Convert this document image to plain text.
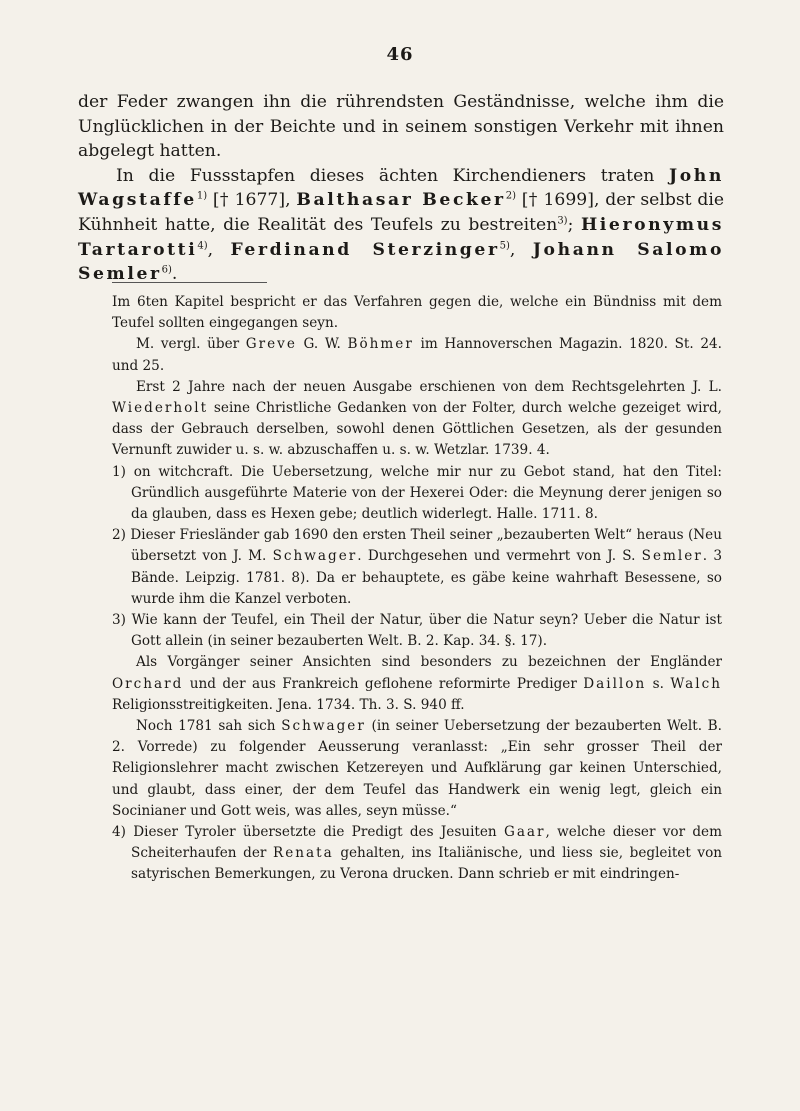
46

der Feder zwangen ihn die rührendsten Geständnisse, welche ihm die Unglücklichen in der Beichte und in seinem sonstigen Verkehr mit ihnen abgelegt hatten.

In die Fussstapfen dieses ächten Kirchendieners traten John Wagstaffe$^{1)}$ [† 1677], Balthasar Becker$^{2)}$ [† 1699], der selbst die Kühnheit hatte, die Realität des Teufels zu bestreiten$^{3)}$; Hieronymus Tartarotti$^{4)}$, Ferdinand Sterzinger$^{5)}$, Johann Salomo Semler$^{6)}$.

Im 6ten Kapitel bespricht er das Verfahren gegen die, welche ein Bündniss mit dem Teufel sollten eingegangen seyn.

M. vergl. über Greve G. W. Böhmer im Hannoverschen Magazin. 1820. St. 24. und 25.

Erst 2 Jahre nach der neuen Ausgabe erschienen von dem Rechtsgelehrten J. L. Wiederholt seine Christliche Gedanken von der Folter, durch welche gezeiget wird, dass der Gebrauch derselben, sowohl denen Göttlichen Gesetzen, als der gesunden Vernunft zuwider u. s. w. abzuschaffen u. s. w. Wetzlar. 1739. 4.

1) on witchcraft. Die Uebersetzung, welche mir nur zu Gebot stand, hat den Titel: Gründlich ausgeführte Materie von der Hexerei Oder: die Meynung derer jenigen so da glauben, dass es Hexen gebe; deutlich widerlegt. Halle. 1711. 8.

2) Dieser Friesländer gab 1690 den ersten Theil seiner „bezauberten Welt“ heraus (Neu übersetzt von J. M. Schwager. Durchgesehen und vermehrt von J. S. Semler. 3 Bände. Leipzig. 1781. 8). Da er behauptete, es gäbe keine wahrhaft Besessene, so wurde ihm die Kanzel verboten.

3) Wie kann der Teufel, ein Theil der Natur, über die Natur seyn? Ueber die Natur ist Gott allein (in seiner bezauberten Welt. B. 2. Kap. 34. §. 17).

Als Vorgänger seiner Ansichten sind besonders zu bezeichnen der Engländer Orchard und der aus Frankreich geflohene reformirte Prediger Daillon s. Walch Religionsstreitigkeiten. Jena. 1734. Th. 3. S. 940 ff.

Noch 1781 sah sich Schwager (in seiner Uebersetzung der bezauberten Welt. B. 2. Vorrede) zu folgender Aeusserung veranlasst: „Ein sehr grosser Theil der Religionslehrer macht zwischen Ketzereyen und Aufklärung gar keinen Unterschied, und glaubt, dass einer, der dem Teufel das Handwerk ein wenig legt, gleich ein Socinianer und Gott weis, was alles, seyn müsse.“

4) Dieser Tyroler übersetzte die Predigt des Jesuiten Gaar, welche dieser vor dem Scheiterhaufen der Renata gehalten, ins Italiänische, und liess sie, begleitet von satyrischen Bemerkungen, zu Verona drucken. Dann schrieb er mit eindringen-
